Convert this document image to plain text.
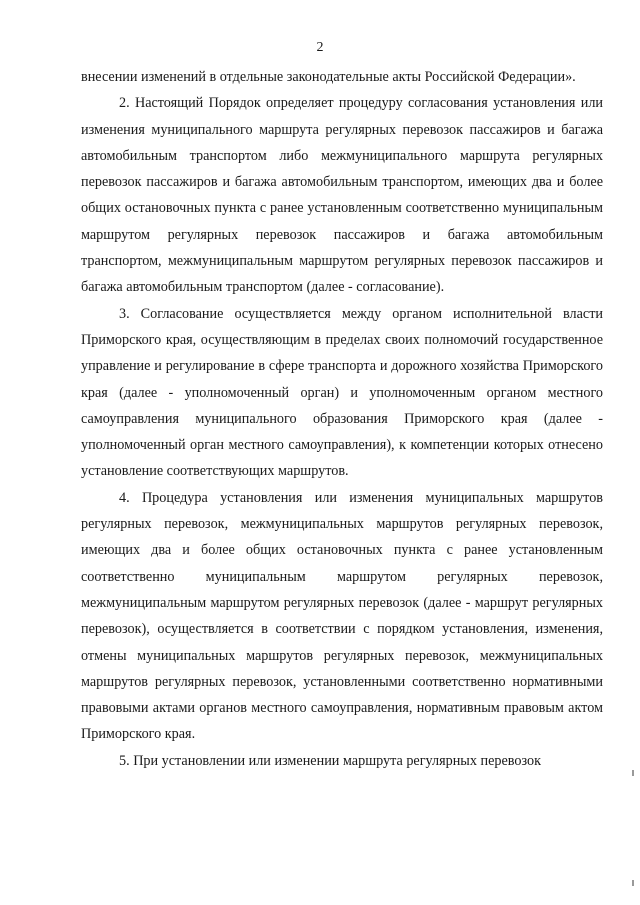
2

внесении изменений в отдельные законодательные акты Российской Федерации».

2. Настоящий Порядок определяет процедуру согласования установления или изменения муниципального маршрута регулярных перевозок пассажиров и багажа автомобильным транспортом либо межмуниципального маршрута регулярных перевозок пассажиров и багажа автомобильным транспортом, имеющих два и более общих остановочных пункта с ранее установленным соответственно муниципальным маршрутом регулярных перевозок пассажиров и багажа автомобильным транспортом, межмуниципальным маршрутом регулярных перевозок пассажиров и багажа автомобильным транспортом (далее - согласование).

3. Согласование осуществляется между органом исполнительной власти Приморского края, осуществляющим в пределах своих полномочий государственное управление и регулирование в сфере транспорта и дорожного хозяйства Приморского края (далее - уполномоченный орган) и уполномоченным органом местного самоуправления муниципального образования Приморского края (далее - уполномоченный орган местного самоуправления), к компетенции которых отнесено установление соответствующих маршрутов.

4. Процедура установления или изменения муниципальных маршрутов регулярных перевозок, межмуниципальных маршрутов регулярных перевозок, имеющих два и более общих остановочных пункта с ранее установленным соответственно муниципальным маршрутом регулярных перевозок, межмуниципальным маршрутом регулярных перевозок (далее - маршрут регулярных перевозок), осуществляется в соответствии с порядком установления, изменения, отмены муниципальных маршрутов регулярных перевозок, межмуниципальных маршрутов регулярных перевозок, установленными соответственно нормативными правовыми актами органов местного самоуправления, нормативным правовым актом Приморского края.

5. При установлении или изменении маршрута регулярных перевозок
